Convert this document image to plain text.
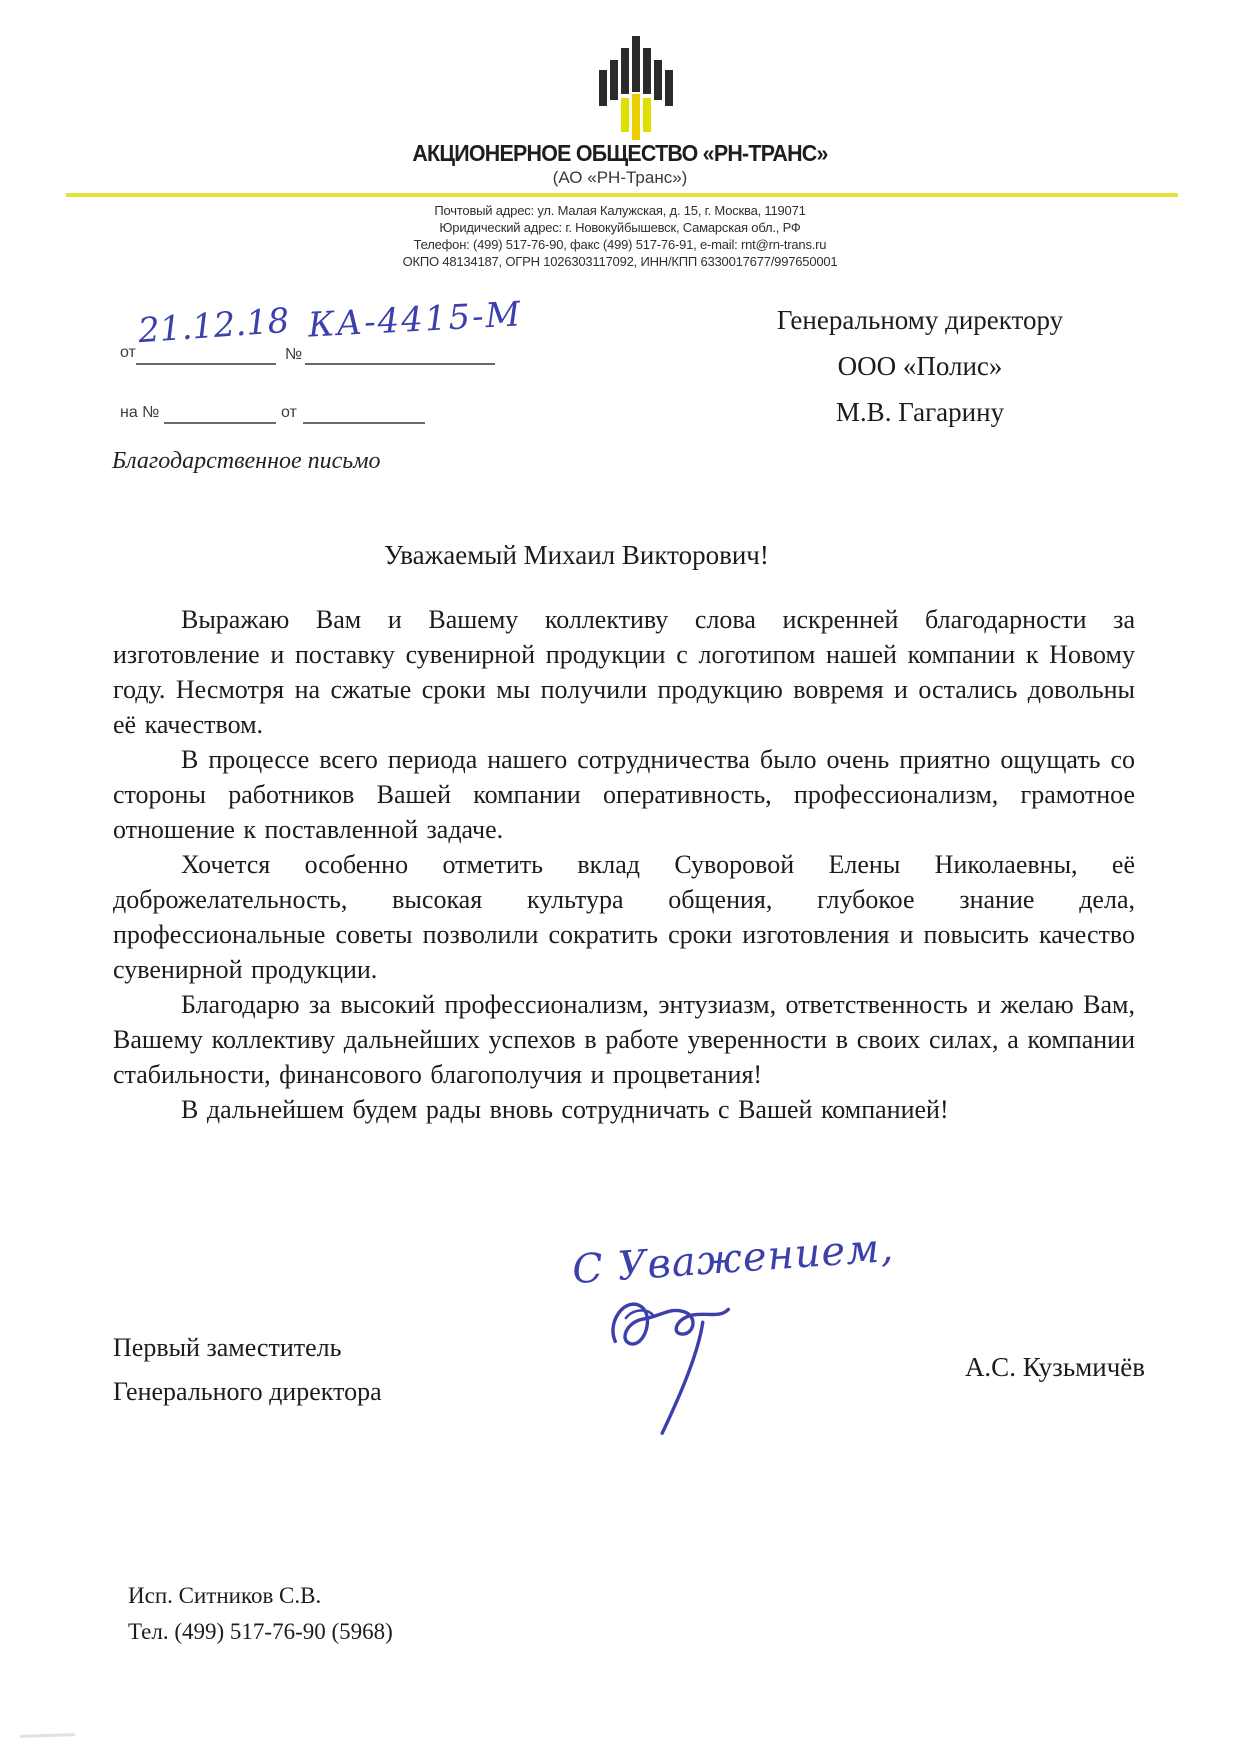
АКЦИОНЕРНОЕ ОБЩЕСТВО «РН-ТРАНС»
(АО «РН-Транс»)
Почтовый адрес: ул. Малая Калужская, д. 15, г. Москва, 119071
Юридический адрес: г. Новокуйбышевск, Самарская обл., РФ
Телефон: (499) 517-76-90, факс (499) 517-76-91, e-mail: rnt@rn-trans.ru
ОКПО 48134187, ОГРН 1026303117092, ИНН/КПП 6330017677/997650001
от
21.12.18
№
КА-4415-М
на №	от
Генеральному директору
ООО «Полис»
М.В. Гагарину
Благодарственное письмо
Уважаемый Михаил Викторович!

Выражаю Вам и Вашему коллективу слова искренней благодарности за изготовление и поставку сувенирной продукции с логотипом нашей компании к Новому году. Несмотря на сжатые сроки мы получили продукцию вовремя и остались довольны её качеством.

В процессе всего периода нашего сотрудничества было очень приятно ощущать со стороны работников Вашей компании оперативность, профессионализм, грамотное отношение к поставленной задаче.

Хочется особенно отметить вклад Суворовой Елены Николаевны, её доброжелательность, высокая культура общения, глубокое знание дела, профессиональные советы позволили сократить сроки изготовления и повысить качество сувенирной продукции.

Благодарю за высокий профессионализм, энтузиазм, ответственность и желаю Вам, Вашему коллективу дальнейших успехов в работе уверенности в своих силах, а компании стабильности, финансового благополучия и процветания!

В дальнейшем будем рады вновь сотрудничать с Вашей компанией!

С Уважением,
Первый заместитель
Генерального директора
А.С. Кузьмичёв
Исп. Ситников С.В.
Тел. (499) 517-76-90 (5968)
